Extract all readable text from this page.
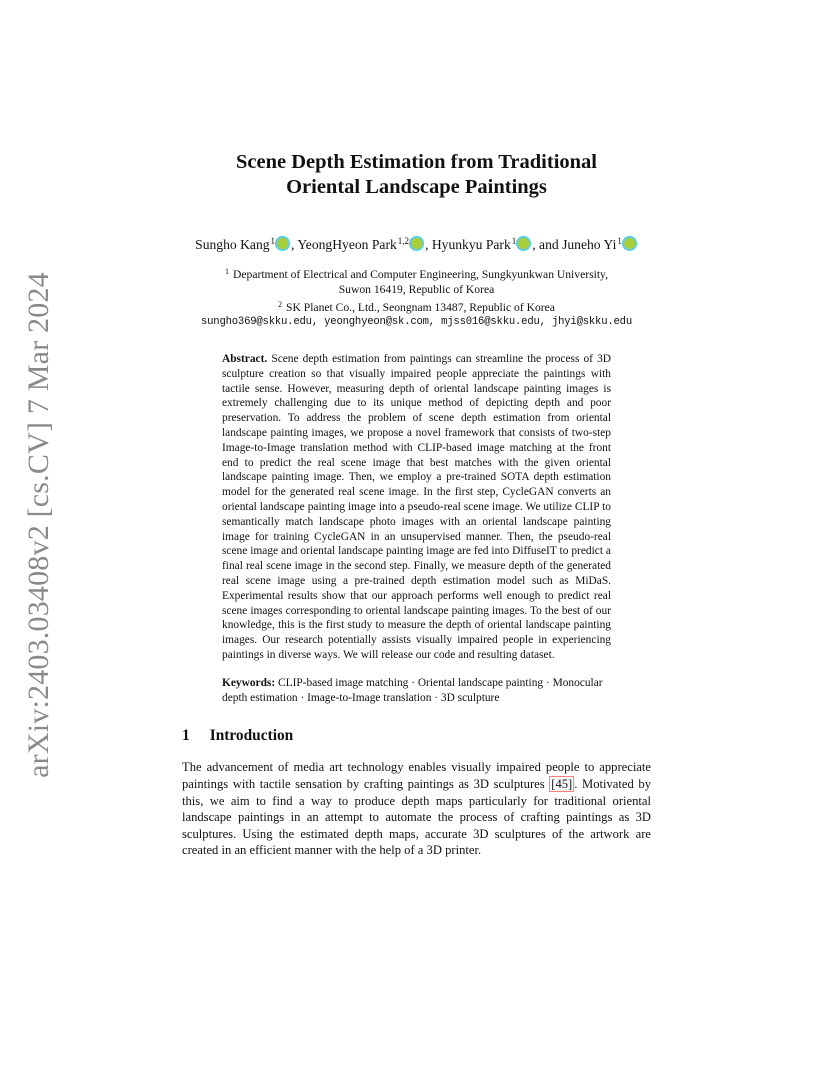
arXiv:2403.03408v2 [cs.CV] 7 Mar 2024
Scene Depth Estimation from Traditional
Oriental Landscape Paintings
Sungho Kang$^1$ , YeongHyeon Park$^{1,2}$ , Hyunkyu Park$^1$ , and Juneho Yi$^1$
$^1$ Department of Electrical and Computer Engineering, Sungkyunkwan University,
Suwon 16419, Republic of Korea
$^2$ SK Planet Co., Ltd., Seongnam 13487, Republic of Korea
sungho369@skku.edu, yeonghyeon@sk.com, mjss016@skku.edu, jhyi@skku.edu
Abstract. Scene depth estimation from paintings can streamline the process of 3D sculpture creation so that visually impaired people appreciate the paintings with tactile sense. However, measuring depth of oriental landscape painting images is extremely challenging due to its unique method of depicting depth and poor preservation. To address the problem of scene depth estimation from oriental landscape painting images, we propose a novel framework that consists of two-step Image-to-Image translation method with CLIP-based image matching at the front end to predict the real scene image that best matches with the given oriental landscape painting image. Then, we employ a pre-trained SOTA depth estimation model for the generated real scene image. In the first step, CycleGAN converts an oriental landscape painting image into a pseudo-real scene image. We utilize CLIP to semantically match landscape photo images with an oriental landscape painting image for training CycleGAN in an unsupervised manner. Then, the pseudo-real scene image and oriental landscape painting image are fed into DiffuseIT to predict a final real scene image in the second step. Finally, we measure depth of the generated real scene image using a pre-trained depth estimation model such as MiDaS. Experimental results show that our approach performs well enough to predict real scene images corresponding to oriental landscape painting images. To the best of our knowledge, this is the first study to measure the depth of oriental landscape painting images. Our research potentially assists visually impaired people in experiencing paintings in diverse ways. We will release our code and resulting dataset.
Keywords: CLIP-based image matching · Oriental landscape painting · Monocular depth estimation · Image-to-Image translation · 3D sculpture
1 Introduction
The advancement of media art technology enables visually impaired people to appreciate paintings with tactile sensation by crafting paintings as 3D sculptures [45] . Motivated by this, we aim to find a way to produce depth maps particularly for traditional oriental landscape paintings in an attempt to automate the process of crafting paintings as 3D sculptures. Using the estimated depth maps, accurate 3D sculptures of the artwork are created in an efficient manner with the help of a 3D printer.
